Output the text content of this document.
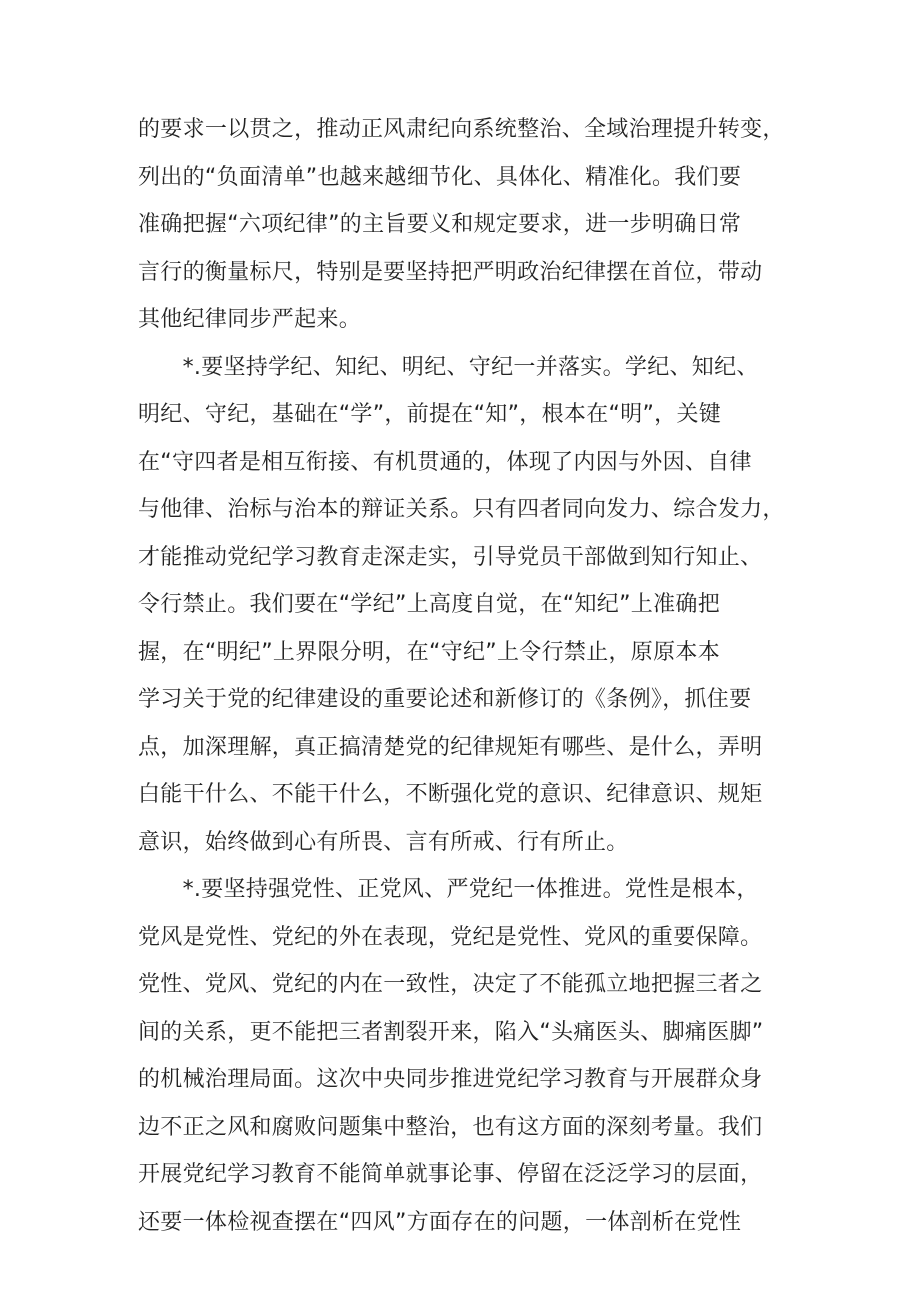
的要求一以贯之，推动正风肃纪向系统整治、全域治理提升转变，
列出的“负面清单”也越来越细节化、具体化、精准化。我们要
准确把握“六项纪律”的主旨要义和规定要求，进一步明确日常
言行的衡量标尺，特别是要坚持把严明政治纪律摆在首位，带动
其他纪律同步严起来。
　　*.要坚持学纪、知纪、明纪、守纪一并落实。学纪、知纪、
明纪、守纪，基础在“学”，前提在“知”，根本在“明”，关键
在“守四者是相互衔接、有机贯通的，体现了内因与外因、自律
与他律、治标与治本的辩证关系。只有四者同向发力、综合发力，
才能推动党纪学习教育走深走实，引导党员干部做到知行知止、
令行禁止。我们要在“学纪”上高度自觉，在“知纪”上准确把
握，在“明纪”上界限分明，在“守纪”上令行禁止，原原本本
学习关于党的纪律建设的重要论述和新修订的《条例》，抓住要
点，加深理解，真正搞清楚党的纪律规矩有哪些、是什么，弄明
白能干什么、不能干什么，不断强化党的意识、纪律意识、规矩
意识，始终做到心有所畏、言有所戒、行有所止。
　　*.要坚持强党性、正党风、严党纪一体推进。党性是根本，
党风是党性、党纪的外在表现，党纪是党性、党风的重要保障。
党性、党风、党纪的内在一致性，决定了不能孤立地把握三者之
间的关系，更不能把三者割裂开来，陷入“头痛医头、脚痛医脚”
的机械治理局面。这次中央同步推进党纪学习教育与开展群众身
边不正之风和腐败问题集中整治，也有这方面的深刻考量。我们
开展党纪学习教育不能简单就事论事、停留在泛泛学习的层面，
还要一体检视查摆在“四风”方面存在的问题，一体剖析在党性
